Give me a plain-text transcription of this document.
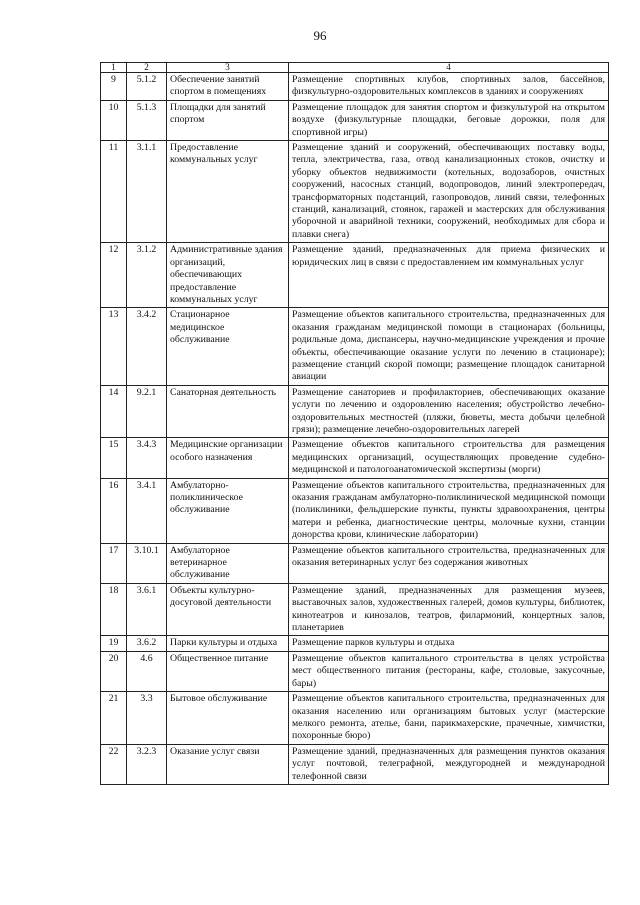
96
1	2	3	4
9	5.1.2	Обеспечение занятий спортом в помещениях	Размещение спортивных клубов, спортивных залов, бассейнов, физкультурно-оздоровительных комплексов в зданиях и сооружениях
10	5.1.3	Площадки для занятий спортом	Размещение площадок для занятия спортом и физкультурой на открытом воздухе (физкультурные площадки, беговые дорожки, поля для спортивной игры)
11	3.1.1	Предоставление коммунальных услуг	Размещение зданий и сооружений, обеспечивающих поставку воды, тепла, электричества, газа, отвод канализационных стоков, очистку и уборку объектов недвижимости (котельных, водозаборов, очистных сооружений, насосных станций, водопроводов, линий электропередач, трансформаторных подстанций, газопроводов, линий связи, телефонных станций, канализаций, стоянок, гаражей и мастерских для обслуживания уборочной и аварийной техники, сооружений, необходимых для сбора и плавки снега)
12	3.1.2	Административные здания организаций, обеспечивающих предоставление коммунальных услуг	Размещение зданий, предназначенных для приема физических и юридических лиц в связи с предоставлением им коммунальных услуг
13	3.4.2	Стационарное медицинское обслуживание	Размещение объектов капитального строительства, предназначенных для оказания гражданам медицинской помощи в стационарах (больницы, родильные дома, диспансеры, научно-медицинские учреждения и прочие объекты, обеспечивающие оказание услуги по лечению в стационаре); размещение станций скорой помощи; размещение площадок санитарной авиации
14	9.2.1	Санаторная деятельность	Размещение санаториев и профилакториев, обеспечивающих оказание услуги по лечению и оздоровлению населения; обустройство лечебно-оздоровительных местностей (пляжи, бюветы, места добычи целебной грязи); размещение лечебно-оздоровительных лагерей
15	3.4.3	Медицинские организации особого назначения	Размещение объектов капитального строительства для размещения медицинских организаций, осуществляющих проведение судебно-медицинской и патологоанатомической экспертизы (морги)
16	3.4.1	Амбулаторно-поликлиническое обслуживание	Размещение объектов капитального строительства, предназначенных для оказания гражданам амбулаторно-поликлинической медицинской помощи (поликлиники, фельдшерские пункты, пункты здравоохранения, центры матери и ребенка, диагностические центры, молочные кухни, станции донорства крови, клинические лаборатории)
17	3.10.1	Амбулаторное ветеринарное обслуживание	Размещение объектов капитального строительства, предназначенных для оказания ветеринарных услуг без содержания животных
18	3.6.1	Объекты культурно-досуговой деятельности	Размещение зданий, предназначенных для размещения музеев, выставочных залов, художественных галерей, домов культуры, библиотек, кинотеатров и кинозалов, театров, филармоний, концертных залов, планетариев
19	3.6.2	Парки культуры и отдыха	Размещение парков культуры и отдыха
20	4.6	Общественное питание	Размещение объектов капитального строительства в целях устройства мест общественного питания (рестораны, кафе, столовые, закусочные, бары)
21	3.3	Бытовое обслуживание	Размещение объектов капитального строительства, предназначенных для оказания населению или организациям бытовых услуг (мастерские мелкого ремонта, ателье, бани, парикмахерские, прачечные, химчистки, похоронные бюро)
22	3.2.3	Оказание услуг связи	Размещение зданий, предназначенных для размещения пунктов оказания услуг почтовой, телеграфной, междугородней и международной телефонной связи
